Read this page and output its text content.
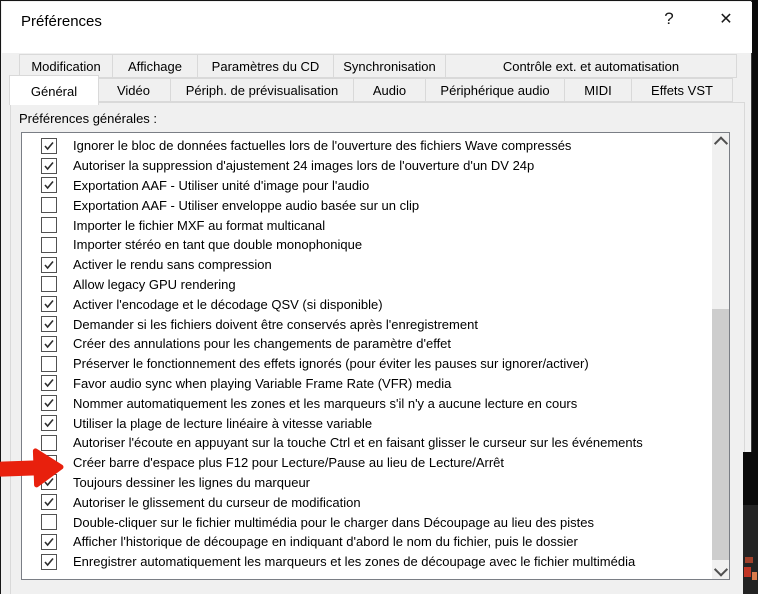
Préférences	?	✕
Modification	Affichage	Paramètres du CD	Synchronisation	Contrôle ext. et automatisation
Général	Vidéo	Périph. de prévisualisation	Audio	Périphérique audio	MIDI	Effets VST
Préférences générales :
Ignorer le bloc de données factuelles lors de l'ouverture des fichiers Wave compressés
Autoriser la suppression d'ajustement 24 images lors de l'ouverture d'un DV 24p
Exportation AAF - Utiliser unité d'image pour l'audio
Exportation AAF - Utiliser enveloppe audio basée sur un clip
Importer le fichier MXF au format multicanal
Importer stéréo en tant que double monophonique
Activer le rendu sans compression
Allow legacy GPU rendering
Activer l'encodage et le décodage QSV (si disponible)
Demander si les fichiers doivent être conservés après l'enregistrement
Créer des annulations pour les changements de paramètre d'effet
Préserver le fonctionnement des effets ignorés (pour éviter les pauses sur ignorer/activer)
Favor audio sync when playing Variable Frame Rate (VFR) media
Nommer automatiquement les zones et les marqueurs s'il n'y a aucune lecture en cours
Utiliser la plage de lecture linéaire à vitesse variable
Autoriser l'écoute en appuyant sur la touche Ctrl et en faisant glisser le curseur sur les événements
Créer barre d'espace plus F12 pour Lecture/Pause au lieu de Lecture/Arrêt
Toujours dessiner les lignes du marqueur
Autoriser le glissement du curseur de modification
Double-cliquer sur le fichier multimédia pour le charger dans Découpage au lieu des pistes
Afficher l'historique de découpage en indiquant d'abord le nom du fichier, puis le dossier
Enregistrer automatiquement les marqueurs et les zones de découpage avec le fichier multimédia
